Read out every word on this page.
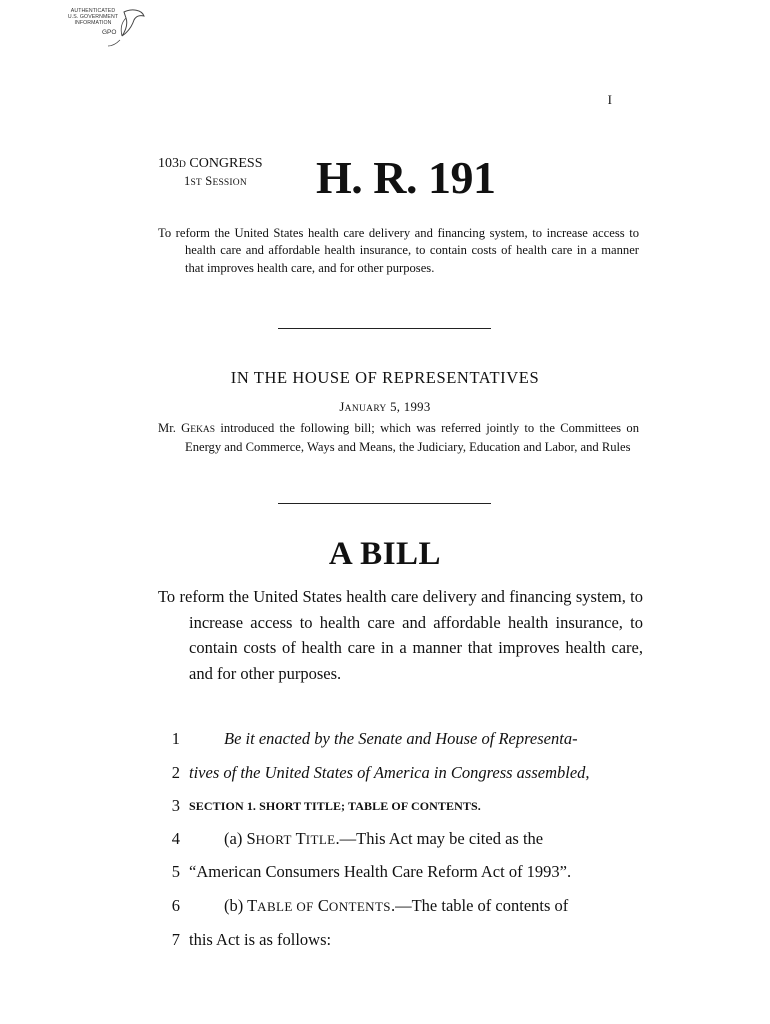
AUTHENTICATED
U.S. GOVERNMENT
INFORMATION
GPO
I
103D CONGRESS
1ST SESSION H. R. 191
To reform the United States health care delivery and financing system, to increase access to health care and affordable health insurance, to contain costs of health care in a manner that improves health care, and for other purposes.
IN THE HOUSE OF REPRESENTATIVES
JANUARY 5, 1993
Mr. GEKAS introduced the following bill; which was referred jointly to the Committees on Energy and Commerce, Ways and Means, the Judiciary, Education and Labor, and Rules
A BILL
To reform the United States health care delivery and financing system, to increase access to health care and affordable health insurance, to contain costs of health care in a manner that improves health care, and for other purposes.
1	Be it enacted by the Senate and House of Representa-
2 tives of the United States of America in Congress assembled,
3 SECTION 1. SHORT TITLE; TABLE OF CONTENTS.
4	(a) SHORT TITLE.—This Act may be cited as the
5 “American Consumers Health Care Reform Act of 1993”.
6	(b) TABLE OF CONTENTS.—The table of contents of
7 this Act is as follows:
